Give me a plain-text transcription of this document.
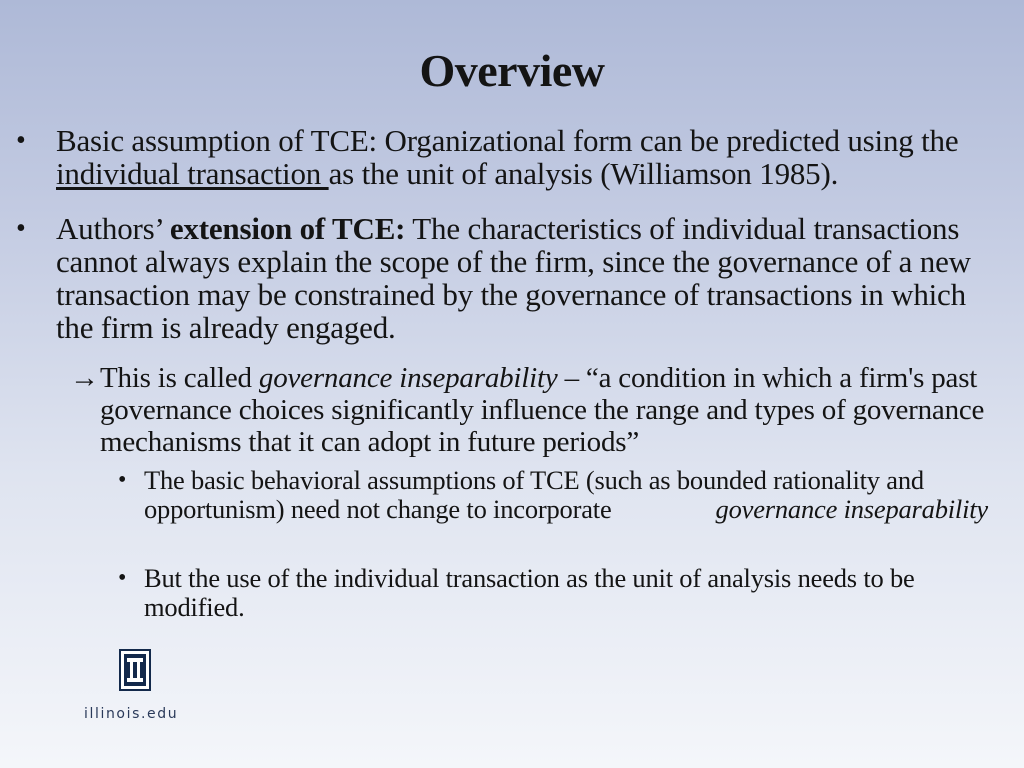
Overview
• Basic assumption of TCE: Organizational form can be predicted using the individual transaction as the unit of analysis (Williamson 1985).
• Authors’ extension of TCE: The characteristics of individual transactions cannot always explain the scope of the firm, since the governance of a new transaction may be constrained by the governance of transactions in which the firm is already engaged.
→ This is called governance inseparability – “a condition in which a firm's past governance choices significantly influence the range and types of governance mechanisms that it can adopt in future periods”
• The basic behavioral assumptions of TCE (such as bounded rationality and opportunism) need not change to incorporate	governance inseparability
• But the use of the individual transaction as the unit of analysis needs to be modified.
illinois.edu
